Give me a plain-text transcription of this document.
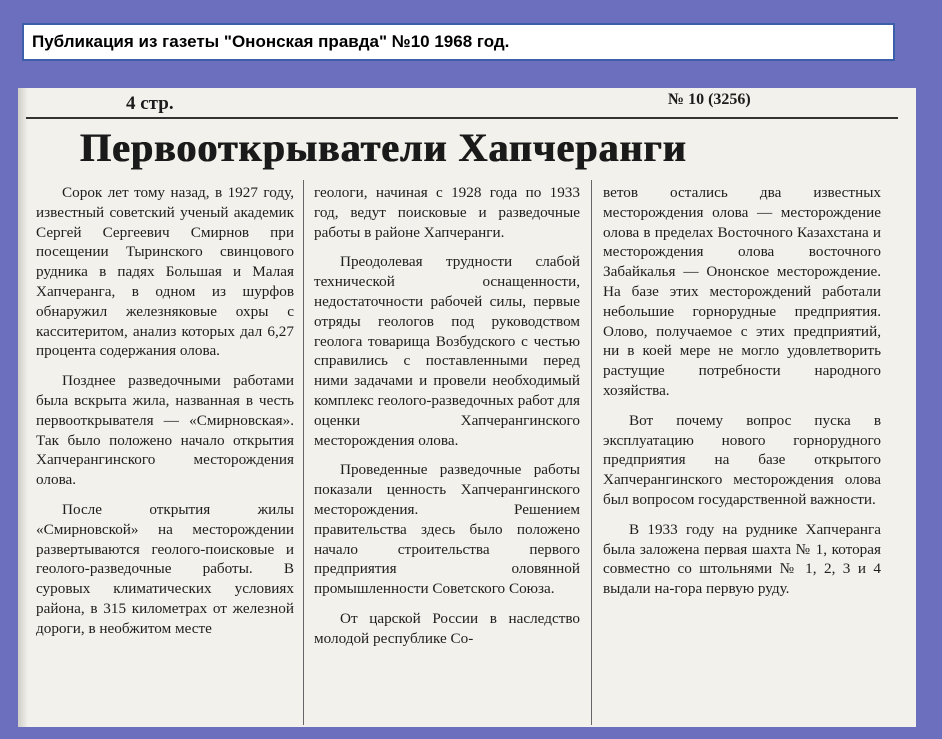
Публикация из газеты "Ононская правда" №10 1968 год.
4 стр.	№ 10 (3256)
Первооткрыватели Хапчеранги

Сорок лет тому назад, в 1927 году, известный советский ученый академик Сергей Сергеевич Смирнов при посещении Тыринского свинцового рудника в падях Большая и Малая Хапчеранга, в одном из шурфов обнаружил железняковые охры с касситеритом, анализ которых дал 6,27 процента содержания олова.

Позднее разведочными работами была вскрыта жила, названная в честь первооткрывателя — «Смирновская». Так было положено начало открытия Хапчерангинского месторождения олова.

После открытия жилы «Смирновской» на месторождении развертываются геолого-поисковые и геолого-разведочные работы. В суровых климатических условиях района, в 315 километрах от железной дороги, в необжитом месте

геологи, начиная с 1928 года по 1933 год, ведут поисковые и разведочные работы в районе Хапчеранги.

Преодолевая трудности слабой технической оснащенности, недостаточности рабочей силы, первые отряды геологов под руководством геолога товарища Возбудского с честью справились с поставленными перед ними задачами и провели необходимый комплекс геолого-разведочных работ для оценки Хапчерангинского месторождения олова.

Проведенные разведочные работы показали ценность Хапчерангинского месторождения. Решением правительства здесь было положено начало строительства первого предприятия оловянной промышленности Советского Союза.

От царской России в наследство молодой республике Со-

ветов остались два известных месторождения олова — месторождение олова в пределах Восточного Казахстана и месторождения олова восточного Забайкалья — Ононское месторождение. На базе этих месторождений работали небольшие горнорудные предприятия. Олово, получаемое с этих предприятий, ни в коей мере не могло удовлетворить растущие потребности народного хозяйства.

Вот почему вопрос пуска в эксплуатацию нового горнорудного предприятия на базе открытого Хапчерангинского месторождения олова был вопросом государственной важности.

В 1933 году на руднике Хапчеранга была заложена первая шахта № 1, которая совместно со штольнями № 1, 2, 3 и 4 выдали на-гора первую руду.
